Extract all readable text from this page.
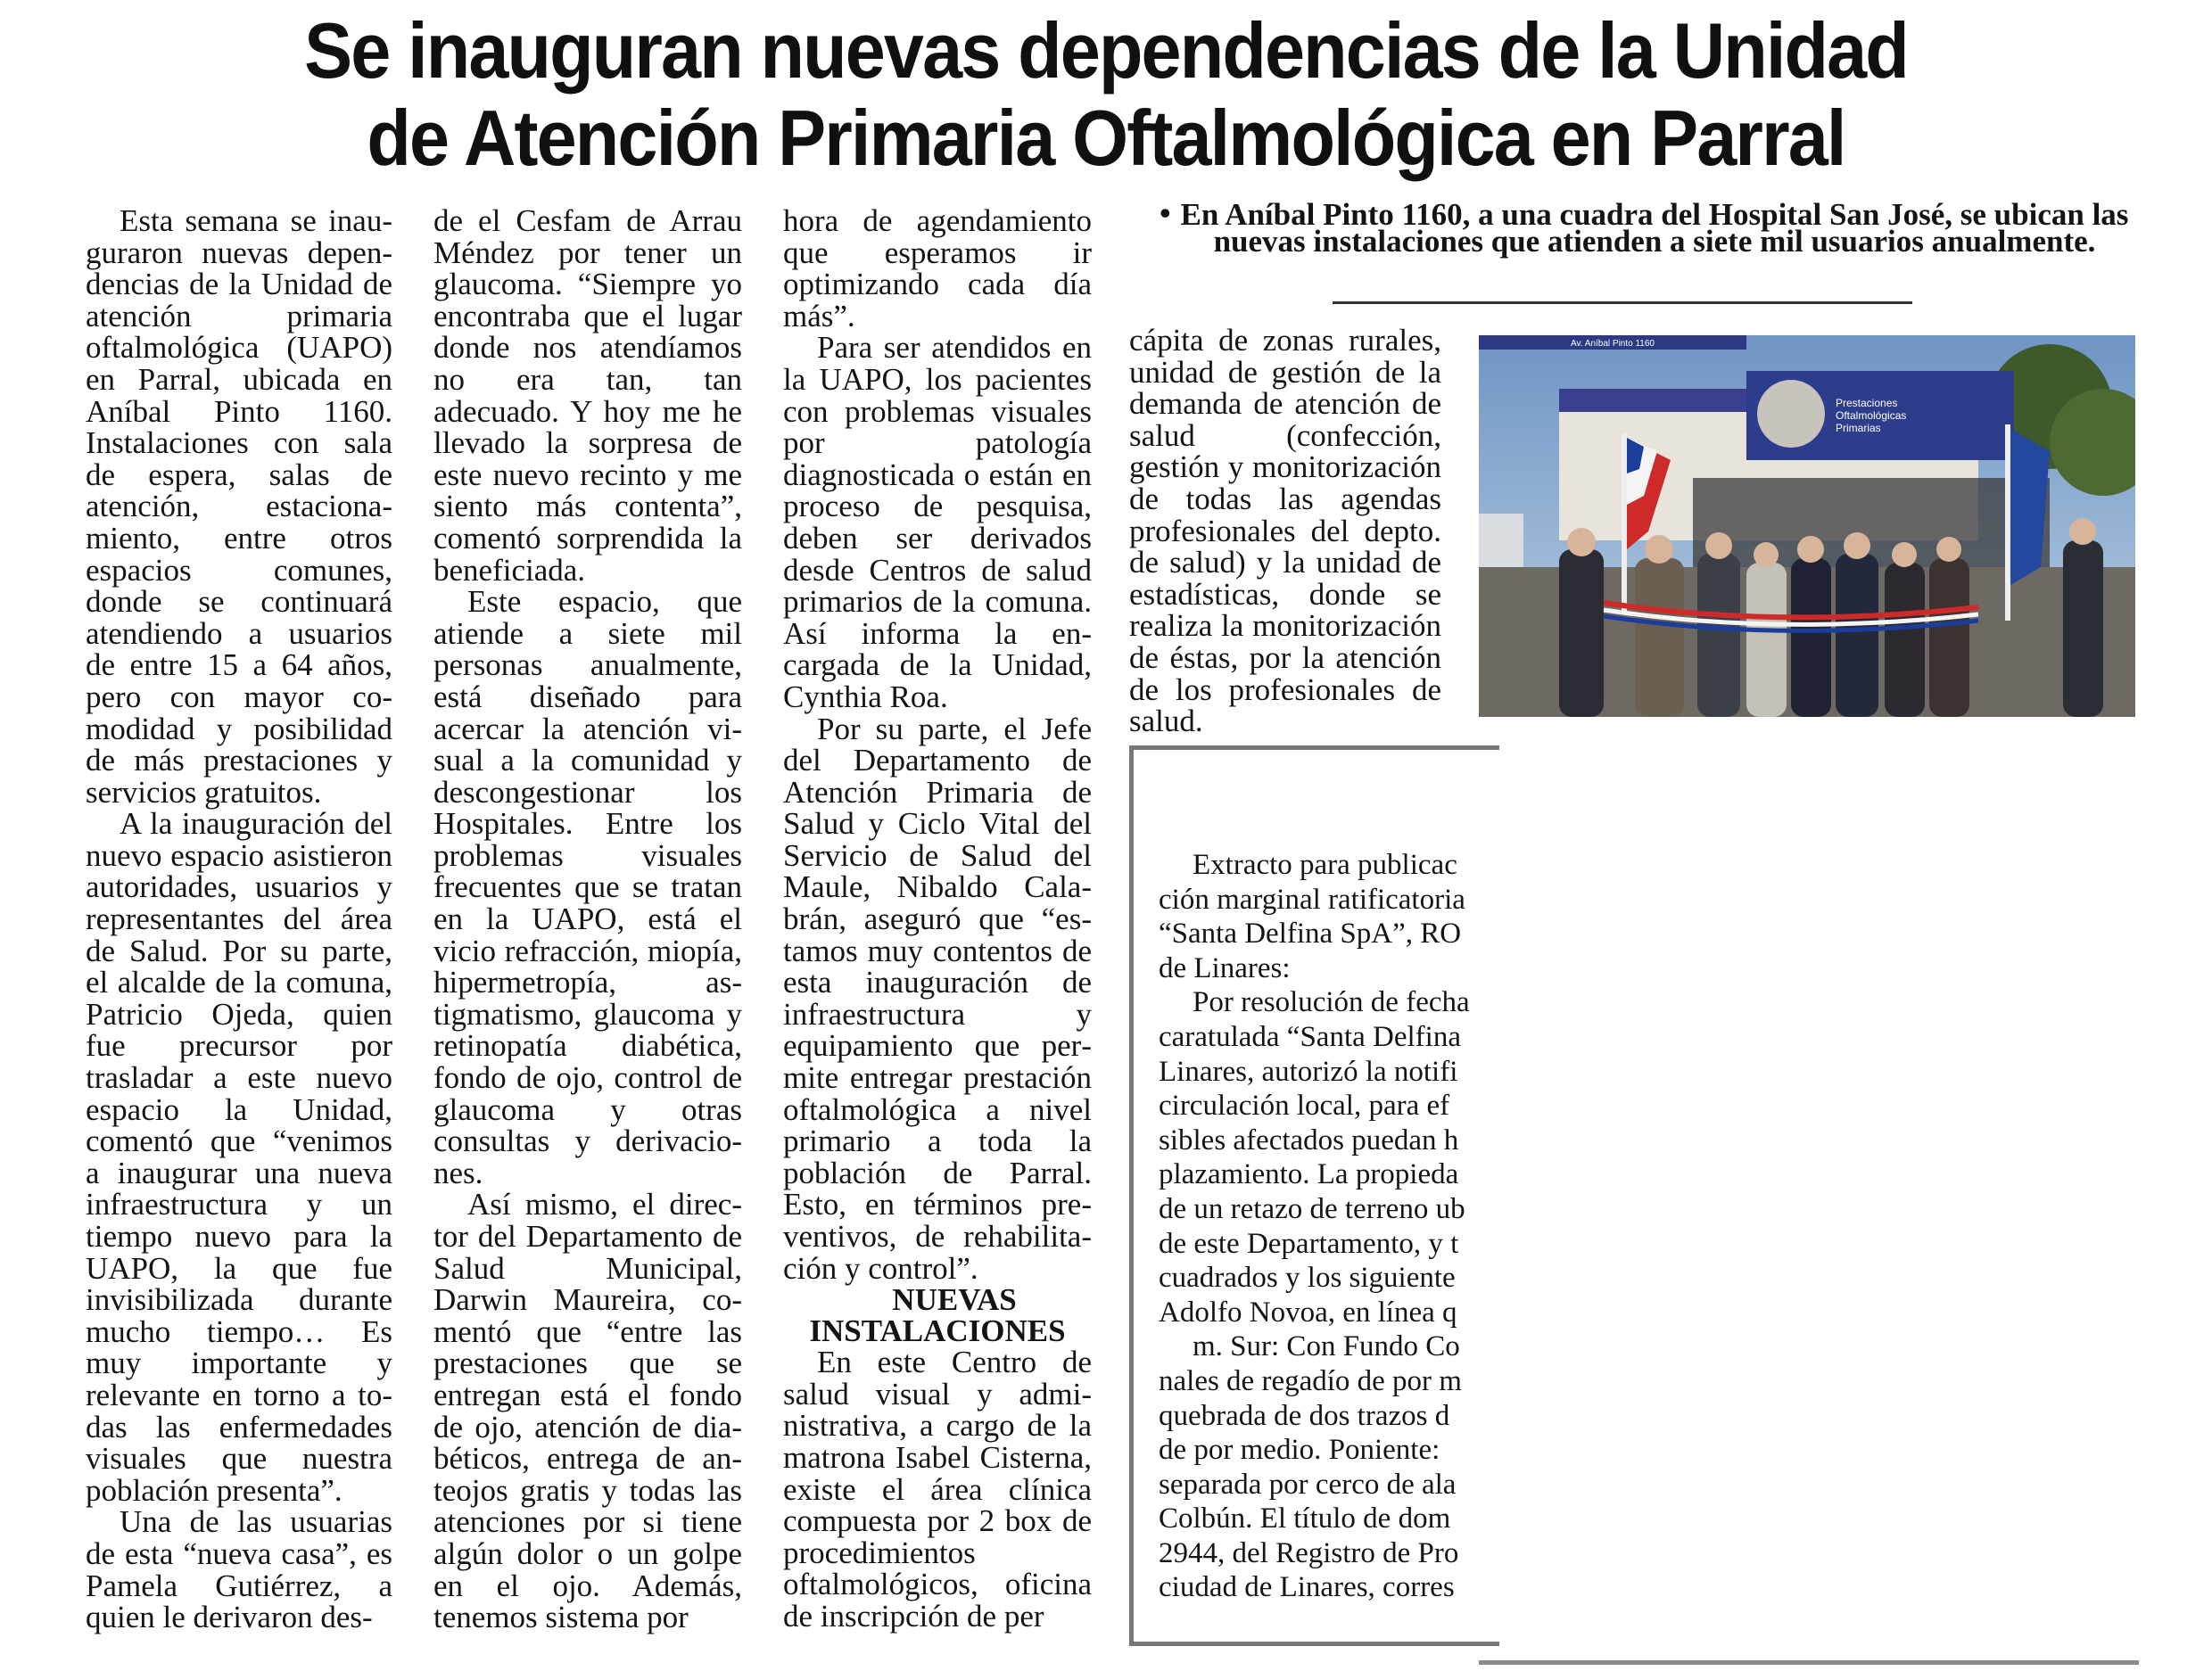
Se inauguran nuevas dependencias de la Unidad
de Atención Primaria Oftalmológica en Parral

Esta semana se inauguraron nuevas dependencias de la Unidad de atención primaria oftalmológica (UAPO) en Parral, ubicada en Aníbal Pinto 1160. Instalaciones con sala de espera, salas de atención, estacionamiento, entre otros espacios comunes, donde se continuará atendiendo a usuarios de entre 15 a 64 años, pero con mayor comodidad y posibilidad de más prestaciones y servicios gratuitos.

A la inauguración del nuevo espacio asistieron autoridades, usuarios y representantes del área de Salud. Por su parte, el alcalde de la comuna, Patricio Ojeda, quien fue precursor por trasladar a este nuevo espacio la Unidad, comentó que “venimos a inaugurar una nueva infraestructura y un tiempo nuevo para la UAPO, la que fue invisibilizada durante mucho tiempo… Es muy importante y relevante en torno a todas las enfermedades visuales que nuestra población presenta”.

Una de las usuarias de esta “nueva casa”, es Pamela Gutiérrez, a quien le derivaron des-

de el Cesfam de Arrau Méndez por tener un glaucoma. “Siempre yo encontraba que el lugar donde nos atendíamos no era tan, tan adecuado. Y hoy me he llevado la sorpresa de este nuevo recinto y me siento más contenta”, comentó sorprendida la beneficiada.

Este espacio, que atiende a siete mil personas anualmente, está diseñado para acercar la atención visual a la comunidad y descongestionar los Hospitales. Entre los problemas visuales frecuentes que se tratan en la UAPO, está el vicio refracción, miopía, hipermetropía, astigmatismo, glaucoma y retinopatía diabética, fondo de ojo, control de glaucoma y otras consultas y derivaciones.

Así mismo, el director del Departamento de Salud Municipal, Darwin Maureira, comentó que “entre las prestaciones que se entregan está el fondo de ojo, atención de diabéticos, entrega de anteojos gratis y todas las atenciones por si tiene algún dolor o un golpe en el ojo. Además, tenemos sistema por

hora de agendamiento que esperamos ir optimizando cada día más”.

Para ser atendidos en la UAPO, los pacientes con problemas visuales por patología diagnosticada o están en proceso de pesquisa, deben ser derivados desde Centros de salud primarios de la comuna. Así informa la encargada de la Unidad, Cynthia Roa.

Por su parte, el Jefe del Departamento de Atención Primaria de Salud y Ciclo Vital del Servicio de Salud del Maule, Nibaldo Calabrán, aseguró que “estamos muy contentos de esta inauguración de infraestructura y equipamiento que permite entregar prestación oftalmológica a nivel primario a toda la población de Parral. Esto, en términos preventivos, de rehabilitación y control”.

NUEVAS INSTALACIONES

En este Centro de salud visual y administrativa, a cargo de la matrona Isabel Cisterna, existe el área clínica compuesta por 2 box de procedimientos oftalmológicos, oficina de inscripción de per

• En Aníbal Pinto 1160, a una cuadra del Hospital San José, se ubican las nuevas instalaciones que atienden a siete mil usuarios anualmente.

cápita de zonas rurales, unidad de gestión de la demanda de atención de salud (confección, gestión y monitorización de todas las agendas profesionales del depto. de salud) y la unidad de estadísticas, donde se realiza la monitorización de éstas, por la atención de los profesionales de salud.

Prestaciones
Oftalmológicas
Primarias
Av. Aníbal Pinto 1160

Extracto para publicac

ción marginal ratificatoria

“Santa Delfina SpA”, RO

de Linares:

Por resolución de fecha

caratulada “Santa Delfina

Linares, autorizó la notifi

circulación local, para ef

sibles afectados puedan h

plazamiento. La propieda

de un retazo de terreno ub

de este Departamento, y t

cuadrados y los siguiente

Adolfo Novoa, en línea q

m. Sur: Con Fundo Co

nales de regadío de por m

quebrada de dos trazos d

de por medio. Poniente:

separada por cerco de ala

Colbún. El título de dom

2944, del Registro de Pro

ciudad de Linares, corres
